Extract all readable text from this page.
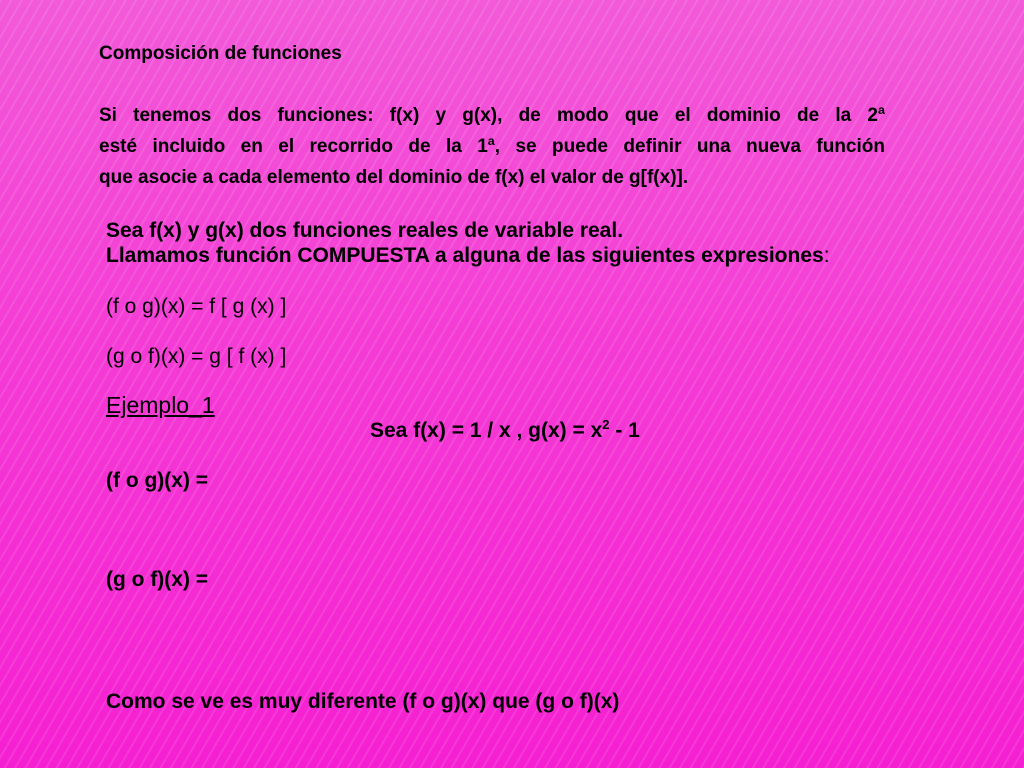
Composición de funciones
Si tenemos dos funciones: f(x) y g(x), de modo que el dominio de la 2ª
esté incluido en el recorrido de la 1ª, se puede definir una nueva función
que asocie a cada elemento del dominio de f(x) el valor de g[f(x)].
Sea f(x) y g(x) dos funciones reales de variable real.
Llamamos función COMPUESTA a alguna de las siguientes expresiones:
(f o g)(x) = f [ g (x) ]
(g o f)(x) = g [ f (x) ]
Ejemplo_1
Sea f(x) = 1 / x , $g(x) = x^2 - 1$
(f o g)(x) =
(g o f)(x) =
Como se ve es muy diferente (f o g)(x) que (g o f)(x)
